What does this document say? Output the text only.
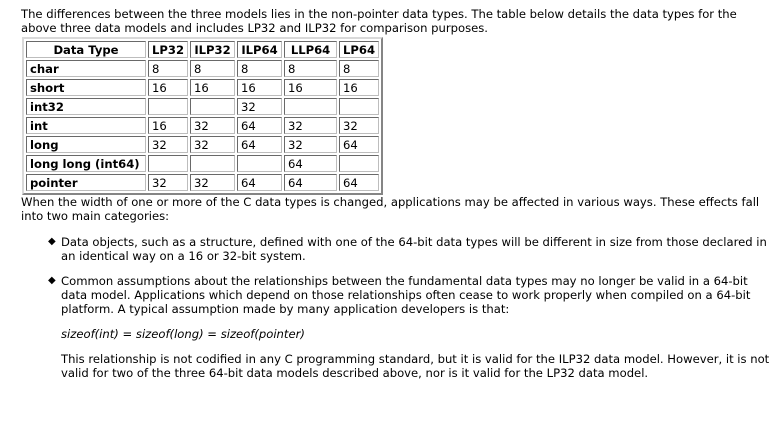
The differences between the three models lies in the non-pointer data types. The table below details the data types for the above three data models and includes LP32 and ILP32 for comparison purposes.

Data Type	LP32	ILP32	ILP64	LLP64	LP64
char	8	8	8	8	8
short	16	16	16	16	16
int32			32		
int	16	32	64	32	32
long	32	32	64	32	64
long long (int64)				64	
pointer	32	32	64	64	64

When the width of one or more of the C data types is changed, applications may be affected in various ways. These effects fall into two main categories:

◆ Data objects, such as a structure, defined with one of the 64-bit data types will be different in size from those declared in an identical way on a 16 or 32-bit system.
◆ Common assumptions about the relationships between the fundamental data types may no longer be valid in a 64-bit data model. Applications which depend on those relationships often cease to work properly when compiled on a 64-bit platform. A typical assumption made by many application developers is that:
sizeof(int) = sizeof(long) = sizeof(pointer)
This relationship is not codified in any C programming standard, but it is valid for the ILP32 data model. However, it is not valid for two of the three 64-bit data models described above, nor is it valid for the LP32 data model.
